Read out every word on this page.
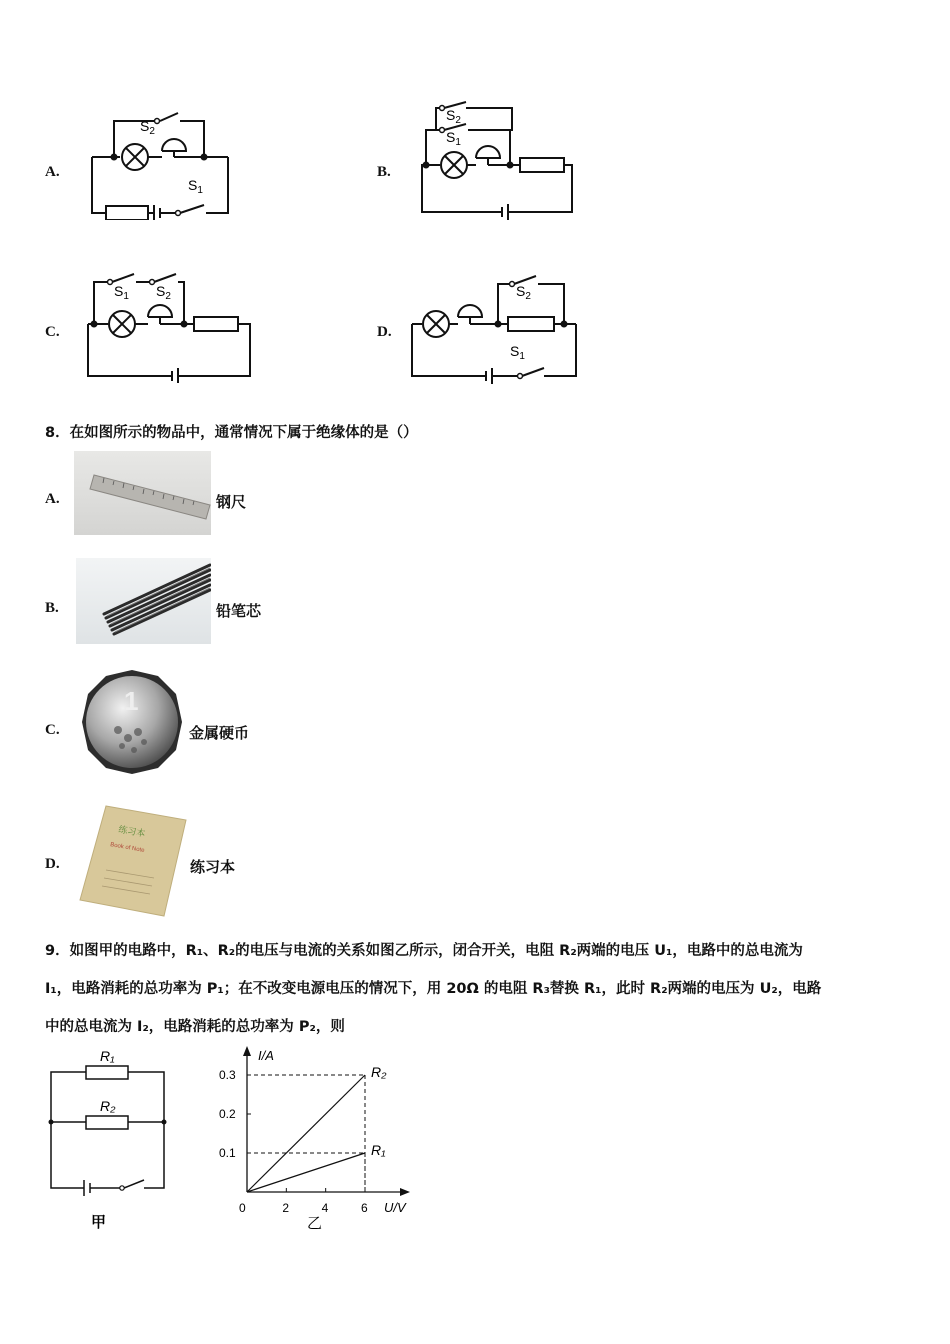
A.	B.
C.	D.
$S_2$
$S_1$
$S_2$
$S_1$
$S_1$ $S_2$	$S_2$
$S_1$
8．在如图所示的物品中，通常情况下属于绝缘体的是（）
A.	钢尺
B.	铅笔芯
C.
1
金属硬币
D.
练习本
Book of Note
练习本
9．如图甲的电路中，R₁、R₂的电压与电流的关系如图乙所示，闭合开关，电阻 R₂两端的电压 U₁，电路中的总电流为
I₁，电路消耗的总功率为 P₁；在不改变电源电压的情况下，用 20Ω 的电阻 R₃替换 R₁，此时 R₂两端的电压为 U₂，电路
中的总电流为 I₂，电路消耗的总功率为 P₂，则
R₁
R₂
甲
0	2	4	6
0.1
0.2
0.3	R₂
R₁
I/A
U/V
乙
